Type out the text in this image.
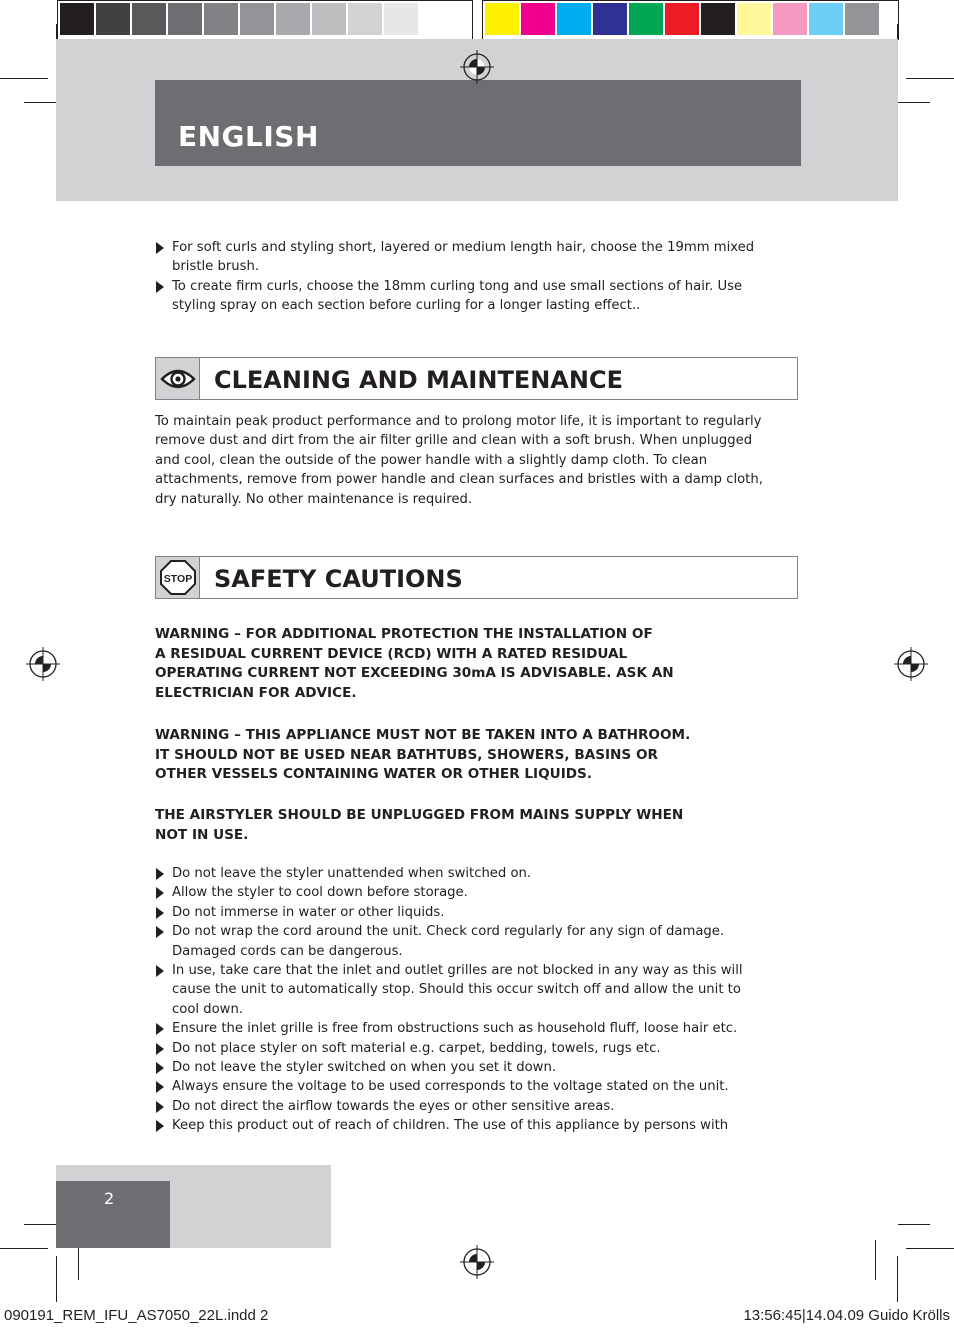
ENGLISH
For soft curls and styling short, layered or medium length hair, choose the 19mm mixed bristle brush.
To create firm curls, choose the 18mm curling tong and use small sections of hair. Use styling spray on each section before curling for a longer lasting effect..
CLEANING AND MAINTENANCE
To maintain peak product performance and to prolong motor life, it is important to regularly
remove dust and dirt from the air filter grille and clean with a soft brush. When unplugged
and cool, clean the outside of the power handle with a slightly damp cloth. To clean
attachments, remove from power handle and clean surfaces and bristles with a damp cloth,
dry naturally. No other maintenance is required.
STOP SAFETY CAUTIONS
WARNING – FOR ADDITIONAL PROTECTION THE INSTALLATION OF
A RESIDUAL CURRENT DEVICE (RCD) WITH A RATED RESIDUAL
OPERATING CURRENT NOT EXCEEDING 30mA IS ADVISABLE. ASK AN
ELECTRICIAN FOR ADVICE.
WARNING – THIS APPLIANCE MUST NOT BE TAKEN INTO A BATHROOM.
IT SHOULD NOT BE USED NEAR BATHTUBS, SHOWERS, BASINS OR
OTHER VESSELS CONTAINING WATER OR OTHER LIQUIDS.
THE AIRSTYLER SHOULD BE UNPLUGGED FROM MAINS SUPPLY WHEN
NOT IN USE.
Do not leave the styler unattended when switched on.
Allow the styler to cool down before storage.
Do not immerse in water or other liquids.
Do not wrap the cord around the unit. Check cord regularly for any sign of damage.
Damaged cords can be dangerous.
In use, take care that the inlet and outlet grilles are not blocked in any way as this will
cause the unit to automatically stop. Should this occur switch off and allow the unit to
cool down.
Ensure the inlet grille is free from obstructions such as household fluff, loose hair etc.
Do not place styler on soft material e.g. carpet, bedding, towels, rugs etc.
Do not leave the styler switched on when you set it down.
Always ensure the voltage to be used corresponds to the voltage stated on the unit.
Do not direct the airflow towards the eyes or other sensitive areas.
Keep this product out of reach of children. The use of this appliance by persons with
2
090191_REM_IFU_AS7050_22L.indd 2	13:56:45|14.04.09 Guido Krölls
